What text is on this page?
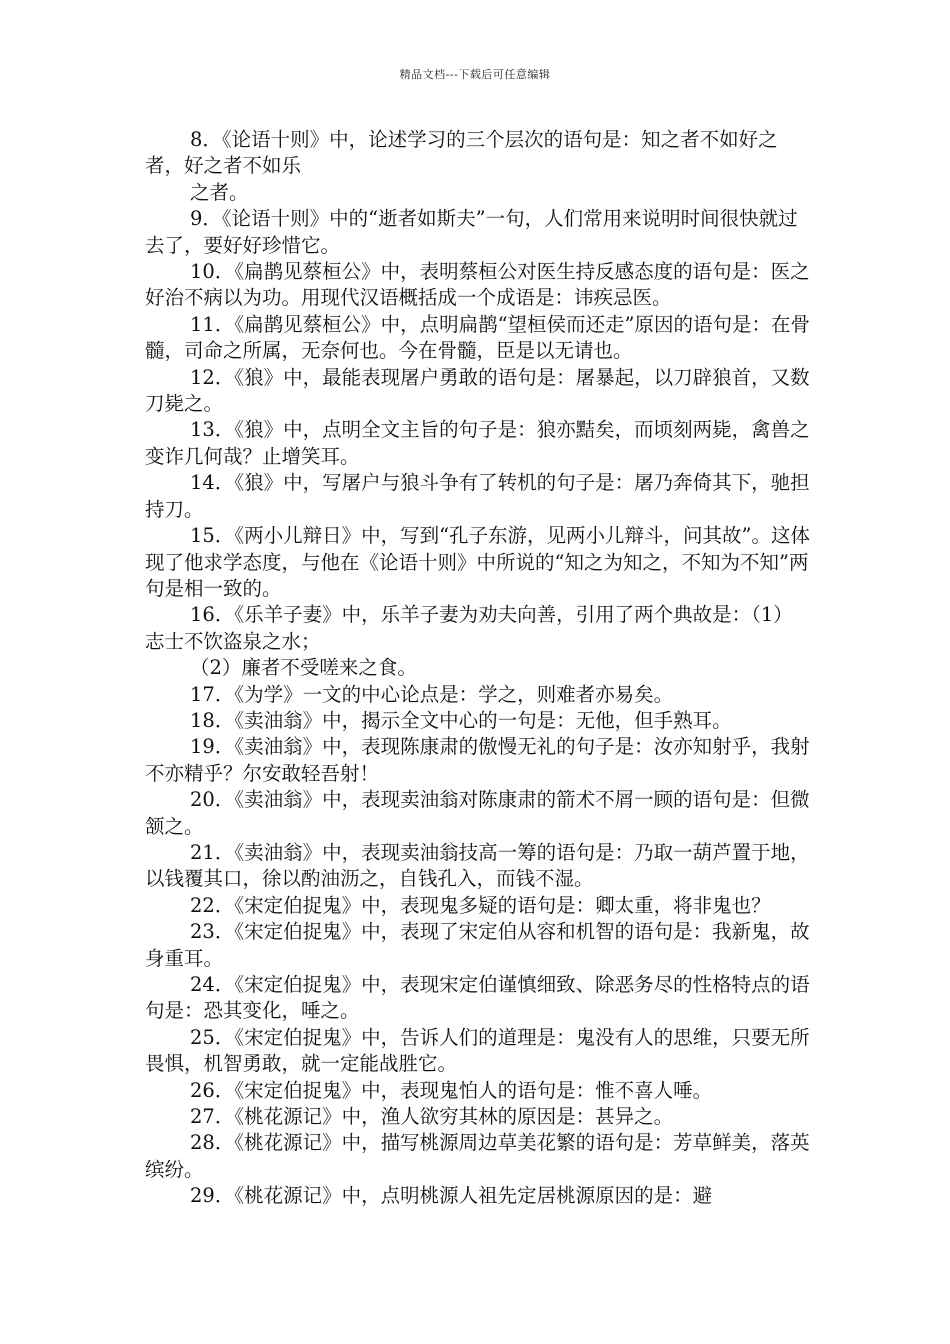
精品文档---下载后可任意编辑

8．《论语十则》中，论述学习的三个层次的语句是：知之者不如好之者，好之者不如乐

之者。

9．《论语十则》中的“逝者如斯夫”一句，人们常用来说明时间很快就过去了，要好好珍惜它。

10．《扁鹊见蔡桓公》中，表明蔡桓公对医生持反感态度的语句是：医之好治不病以为功。用现代汉语概括成一个成语是：讳疾忌医。

11．《扁鹊见蔡桓公》中，点明扁鹊“望桓侯而还走”原因的语句是：在骨髓，司命之所属，无奈何也。今在骨髓，臣是以无请也。

12．《狼》中，最能表现屠户勇敢的语句是：屠暴起，以刀辟狼首，又数刀毙之。

13．《狼》中，点明全文主旨的句子是：狼亦黠矣，而顷刻两毙，禽兽之变诈几何哉？止增笑耳。

14．《狼》中，写屠户与狼斗争有了转机的句子是：屠乃奔倚其下，驰担持刀。

15．《两小儿辩日》中，写到“孔子东游，见两小儿辩斗，问其故”。这体现了他求学态度，与他在《论语十则》中所说的“知之为知之，不知为不知”两句是相一致的。

16．《乐羊子妻》中，乐羊子妻为劝夫向善，引用了两个典故是：（1）志士不饮盗泉之水；

（2）廉者不受嗟来之食。

17．《为学》一文的中心论点是：学之，则难者亦易矣。

18．《卖油翁》中，揭示全文中心的一句是：无他，但手熟耳。

19．《卖油翁》中，表现陈康肃的傲慢无礼的句子是：汝亦知射乎，我射不亦精乎？尔安敢轻吾射！

20．《卖油翁》中，表现卖油翁对陈康肃的箭术不屑一顾的语句是：但微颔之。

21．《卖油翁》中，表现卖油翁技高一筹的语句是：乃取一葫芦置于地，以钱覆其口，徐以酌油沥之，自钱孔入，而钱不湿。

22．《宋定伯捉鬼》中，表现鬼多疑的语句是：卿太重，将非鬼也？

23．《宋定伯捉鬼》中，表现了宋定伯从容和机智的语句是：我新鬼，故身重耳。

24．《宋定伯捉鬼》中，表现宋定伯谨慎细致、除恶务尽的性格特点的语句是：恐其变化，唾之。

25．《宋定伯捉鬼》中，告诉人们的道理是：鬼没有人的思维，只要无所畏惧，机智勇敢，就一定能战胜它。

26．《宋定伯捉鬼》中，表现鬼怕人的语句是：惟不喜人唾。

27．《桃花源记》中，渔人欲穷其林的原因是：甚异之。

28．《桃花源记》中，描写桃源周边草美花繁的语句是：芳草鲜美，落英缤纷。

29．《桃花源记》中，点明桃源人祖先定居桃源原因的是：避
